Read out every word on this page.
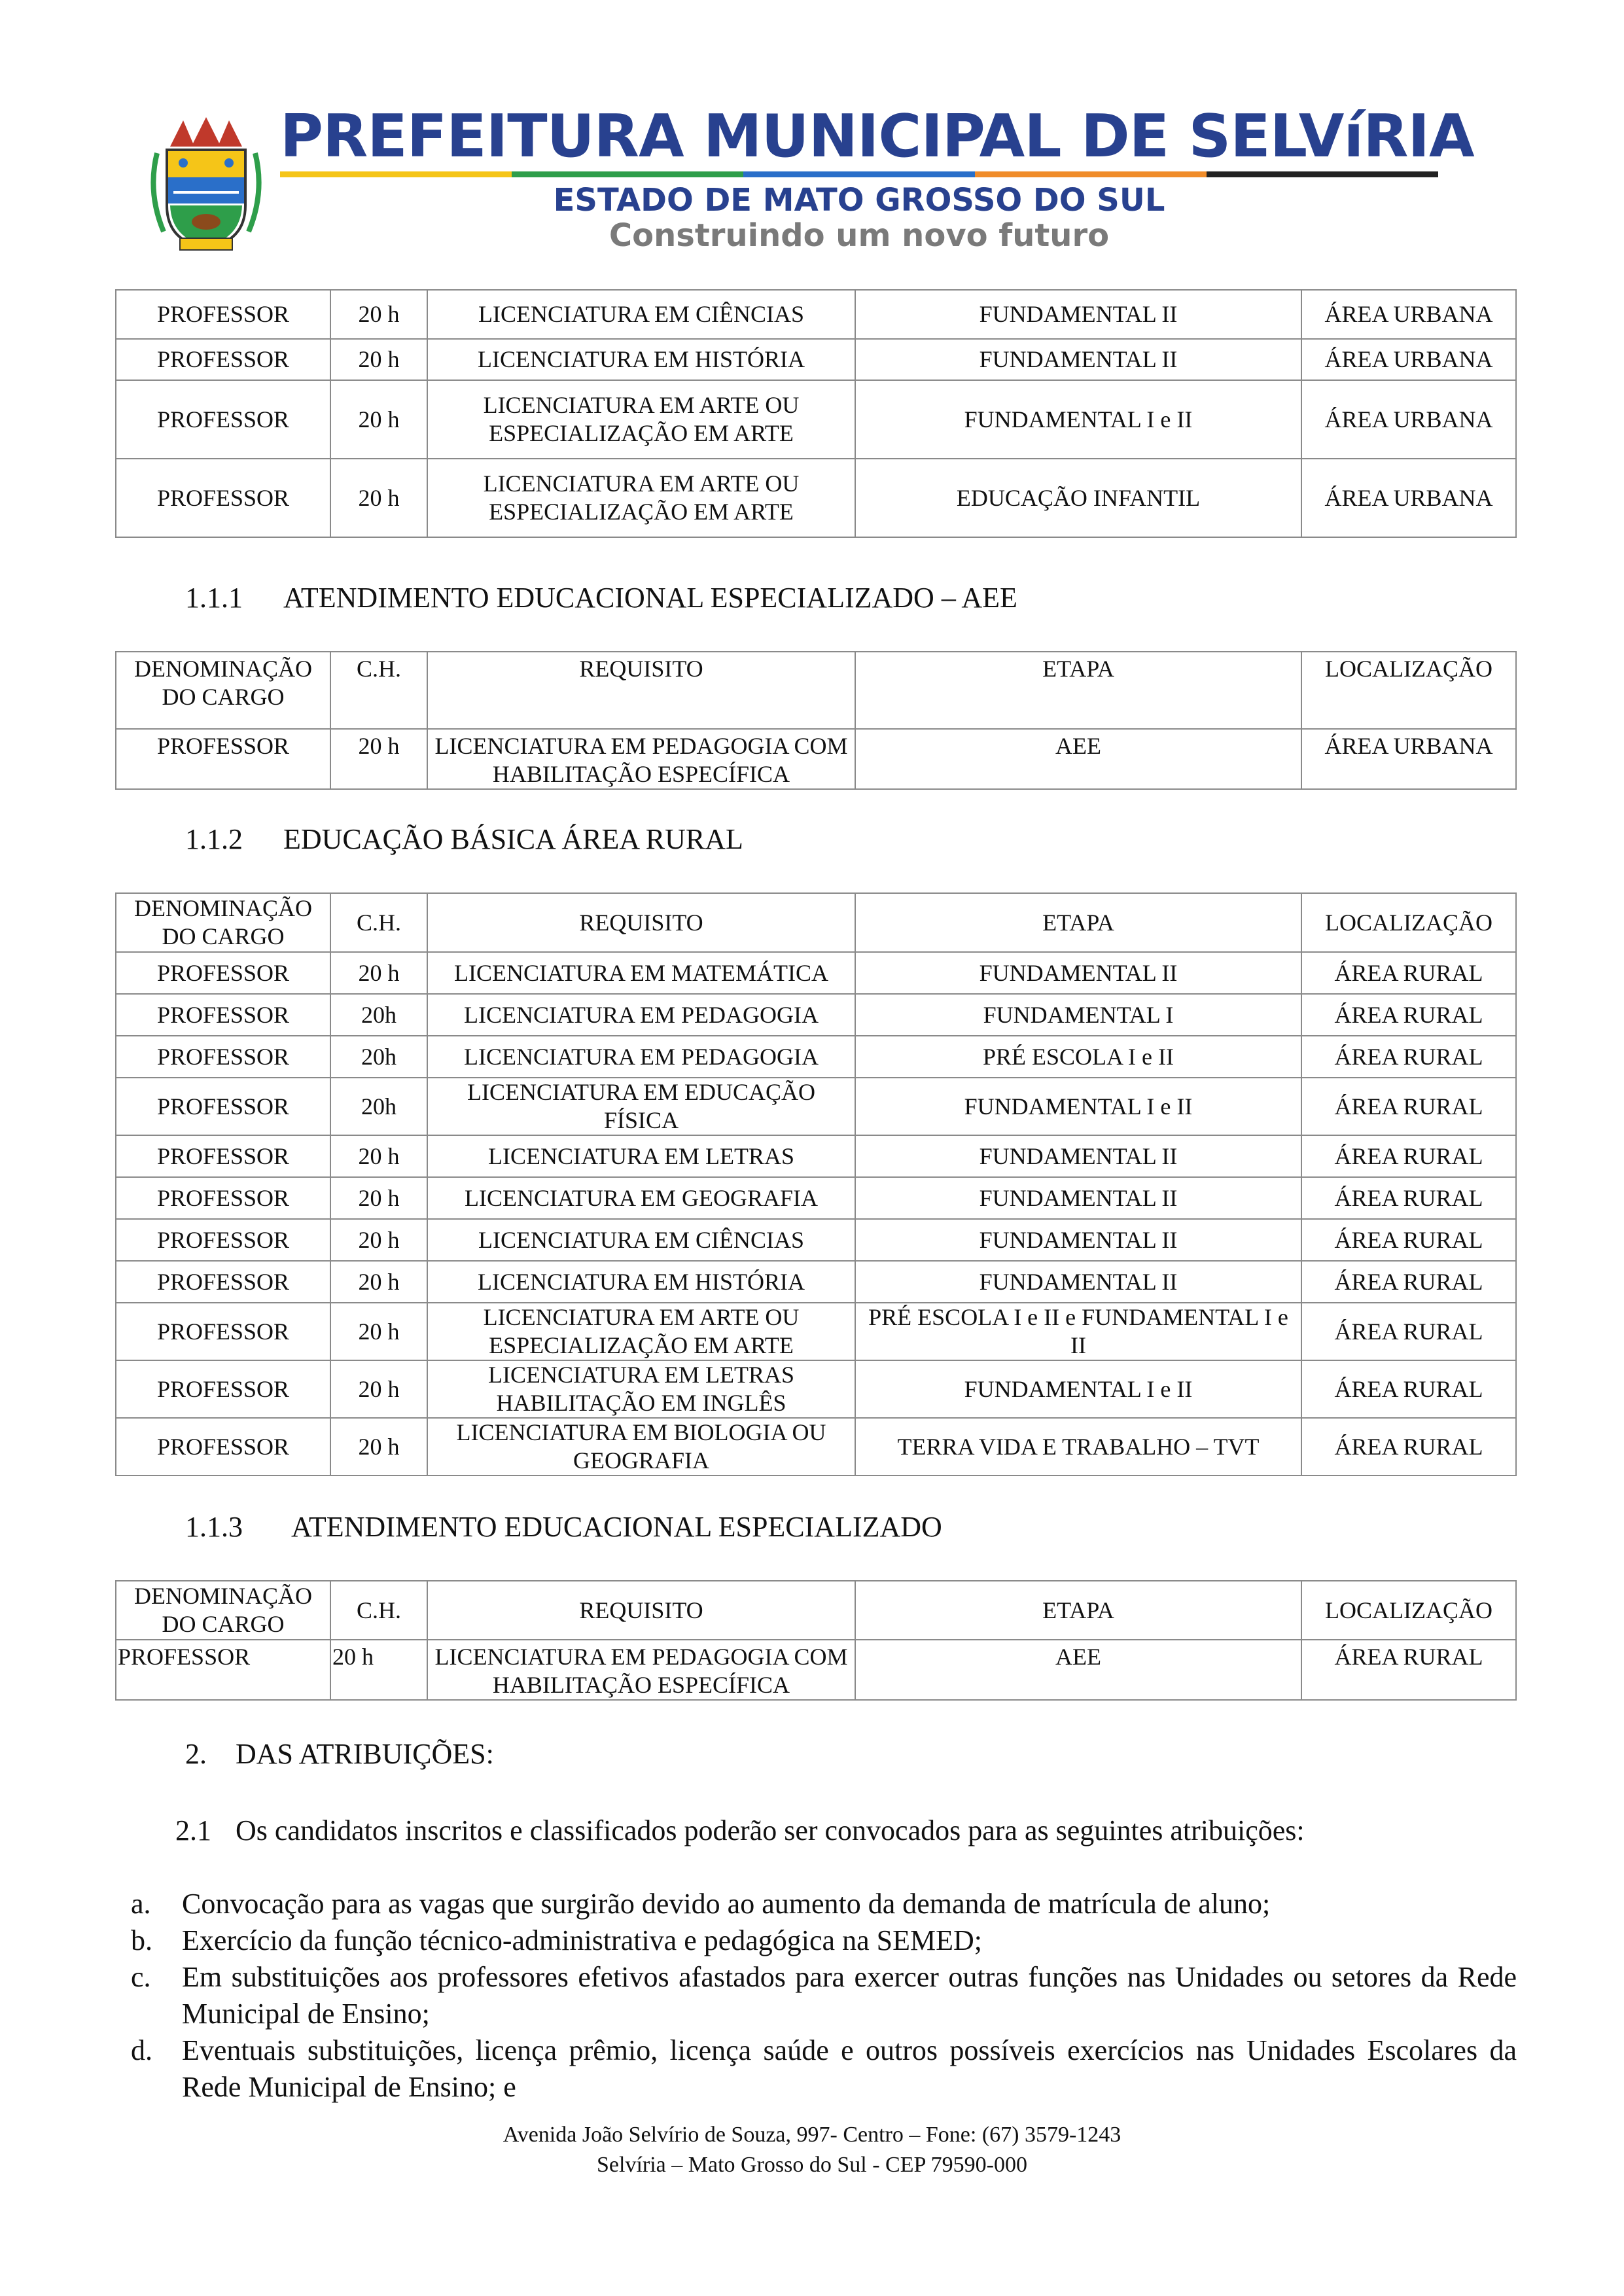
PREFEITURA MUNICIPAL DE SELVíRIA
ESTADO DE MATO GROSSO DO SUL
Construindo um novo futuro
PROFESSOR	20 h	LICENCIATURA EM CIÊNCIAS	FUNDAMENTAL II	ÁREA URBANA
PROFESSOR	20 h	LICENCIATURA EM HISTÓRIA	FUNDAMENTAL II	ÁREA URBANA
PROFESSOR	20 h	LICENCIATURA EM ARTE OU ESPECIALIZAÇÃO EM ARTE	FUNDAMENTAL I e II	ÁREA URBANA
PROFESSOR	20 h	LICENCIATURA EM ARTE OU ESPECIALIZAÇÃO EM ARTE	EDUCAÇÃO INFANTIL	ÁREA URBANA
1.1.1 ATENDIMENTO EDUCACIONAL ESPECIALIZADO – AEE
DENOMINAÇÃO DO CARGO	C.H.	REQUISITO	ETAPA	LOCALIZAÇÃO
PROFESSOR	20 h	LICENCIATURA EM PEDAGOGIA COM HABILITAÇÃO ESPECÍFICA	AEE	ÁREA URBANA
1.1.2 EDUCAÇÃO BÁSICA ÁREA RURAL
DENOMINAÇÃO DO CARGO	C.H.	REQUISITO	ETAPA	LOCALIZAÇÃO
PROFESSOR	20 h	LICENCIATURA EM MATEMÁTICA	FUNDAMENTAL II	ÁREA RURAL
PROFESSOR	20h	LICENCIATURA EM PEDAGOGIA	FUNDAMENTAL I	ÁREA RURAL
PROFESSOR	20h	LICENCIATURA EM PEDAGOGIA	PRÉ ESCOLA I e II	ÁREA RURAL
PROFESSOR	20h	LICENCIATURA EM EDUCAÇÃO FÍSICA	FUNDAMENTAL I e II	ÁREA RURAL
PROFESSOR	20 h	LICENCIATURA EM LETRAS	FUNDAMENTAL II	ÁREA RURAL
PROFESSOR	20 h	LICENCIATURA EM GEOGRAFIA	FUNDAMENTAL II	ÁREA RURAL
PROFESSOR	20 h	LICENCIATURA EM CIÊNCIAS	FUNDAMENTAL II	ÁREA RURAL
PROFESSOR	20 h	LICENCIATURA EM HISTÓRIA	FUNDAMENTAL II	ÁREA RURAL
PROFESSOR	20 h	LICENCIATURA EM ARTE OU ESPECIALIZAÇÃO EM ARTE	PRÉ ESCOLA I e II e FUNDAMENTAL I e II	ÁREA RURAL
PROFESSOR	20 h	LICENCIATURA EM LETRAS HABILITAÇÃO EM INGLÊS	FUNDAMENTAL I e II	ÁREA RURAL
PROFESSOR	20 h	LICENCIATURA EM BIOLOGIA OU GEOGRAFIA	TERRA VIDA E TRABALHO – TVT	ÁREA RURAL
1.1.3 ATENDIMENTO EDUCACIONAL ESPECIALIZADO
DENOMINAÇÃO DO CARGO	C.H.	REQUISITO	ETAPA	LOCALIZAÇÃO
PROFESSOR	20 h	LICENCIATURA EM PEDAGOGIA COM HABILITAÇÃO ESPECÍFICA	AEE	ÁREA RURAL
2. DAS ATRIBUIÇÕES:
2.1 Os candidatos inscritos e classificados poderão ser convocados para as seguintes atribuições:
a. Convocação para as vagas que surgirão devido ao aumento da demanda de matrícula de aluno;
b. Exercício da função técnico-administrativa e pedagógica na SEMED;
c. Em substituições aos professores efetivos afastados para exercer outras funções nas Unidades ou setores da Rede Municipal de Ensino;
d. Eventuais substituições, licença prêmio, licença saúde e outros possíveis exercícios nas Unidades Escolares da Rede Municipal de Ensino; e
Avenida João Selvírio de Souza, 997- Centro – Fone: (67) 3579-1243
Selvíria – Mato Grosso do Sul - CEP 79590-000
